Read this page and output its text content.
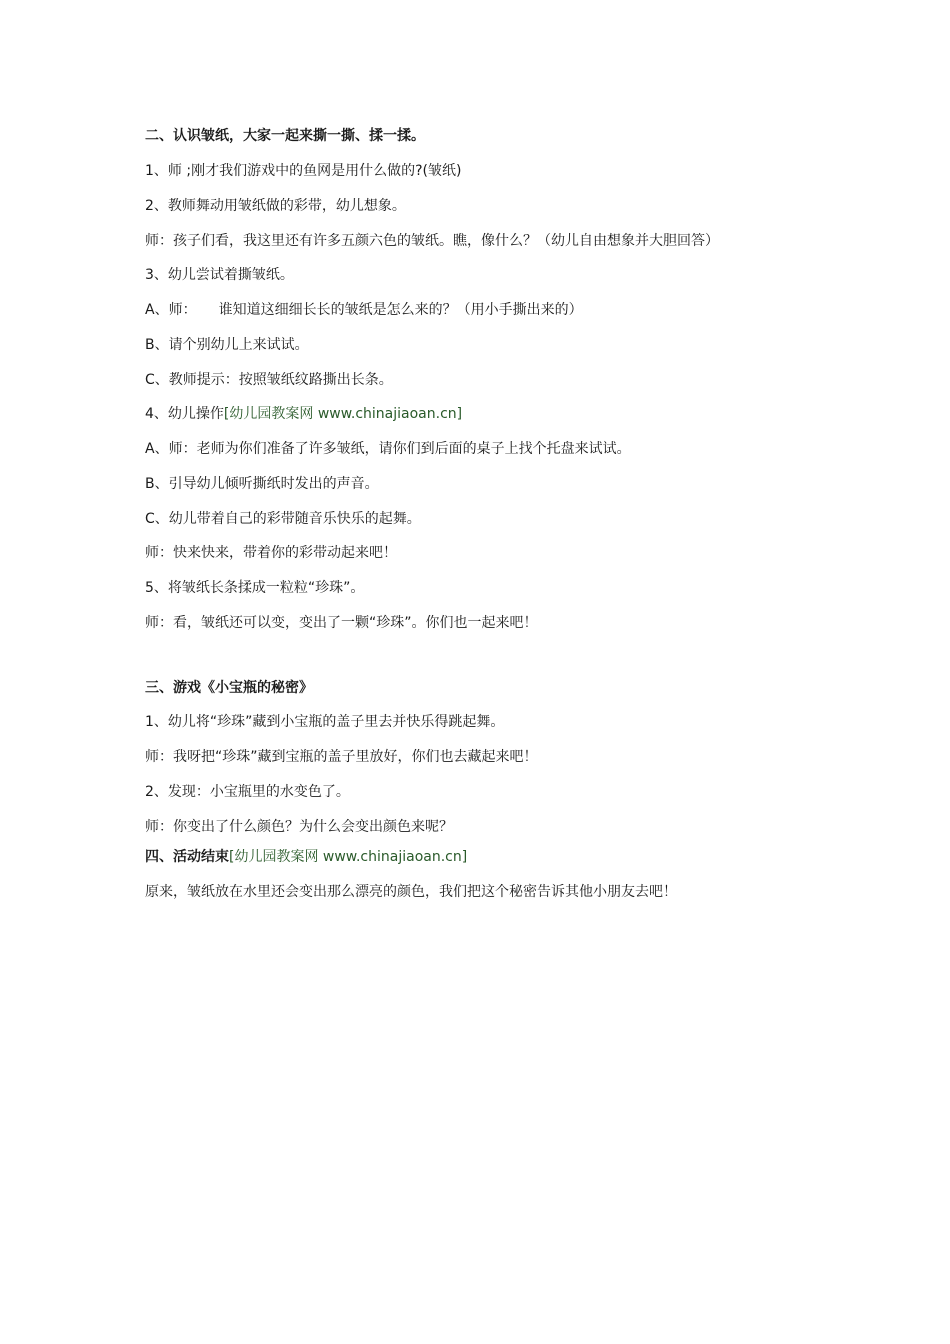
二、认识皱纸，大家一起来撕一撕、揉一揉。
1、师 ;刚才我们游戏中的鱼网是用什么做的?(皱纸)
2、教师舞动用皱纸做的彩带，幼儿想象。
师：孩子们看，我这里还有许多五颜六色的皱纸。瞧，像什么？（幼儿自由想象并大胆回答）
3、幼儿尝试着撕皱纸。
A、师： 谁知道这细细长长的皱纸是怎么来的？（用小手撕出来的）
B、请个别幼儿上来试试。
C、教师提示：按照皱纸纹路撕出长条。
4、幼儿操作[幼儿园教案网 www.chinajiaoan.cn]
A、师：老师为你们准备了许多皱纸，请你们到后面的桌子上找个托盘来试试。
B、引导幼儿倾听撕纸时发出的声音。
C、幼儿带着自己的彩带随音乐快乐的起舞。
师：快来快来，带着你的彩带动起来吧！
5、将皱纸长条揉成一粒粒“珍珠”。
师：看，皱纸还可以变，变出了一颗“珍珠”。你们也一起来吧！
三、游戏《小宝瓶的秘密》
1、幼儿将“珍珠”藏到小宝瓶的盖子里去并快乐得跳起舞。
师：我呀把“珍珠”藏到宝瓶的盖子里放好，你们也去藏起来吧！
2、发现：小宝瓶里的水变色了。
师：你变出了什么颜色？为什么会变出颜色来呢？
四、活动结束[幼儿园教案网 www.chinajiaoan.cn]
原来，皱纸放在水里还会变出那么漂亮的颜色，我们把这个秘密告诉其他小朋友去吧！
